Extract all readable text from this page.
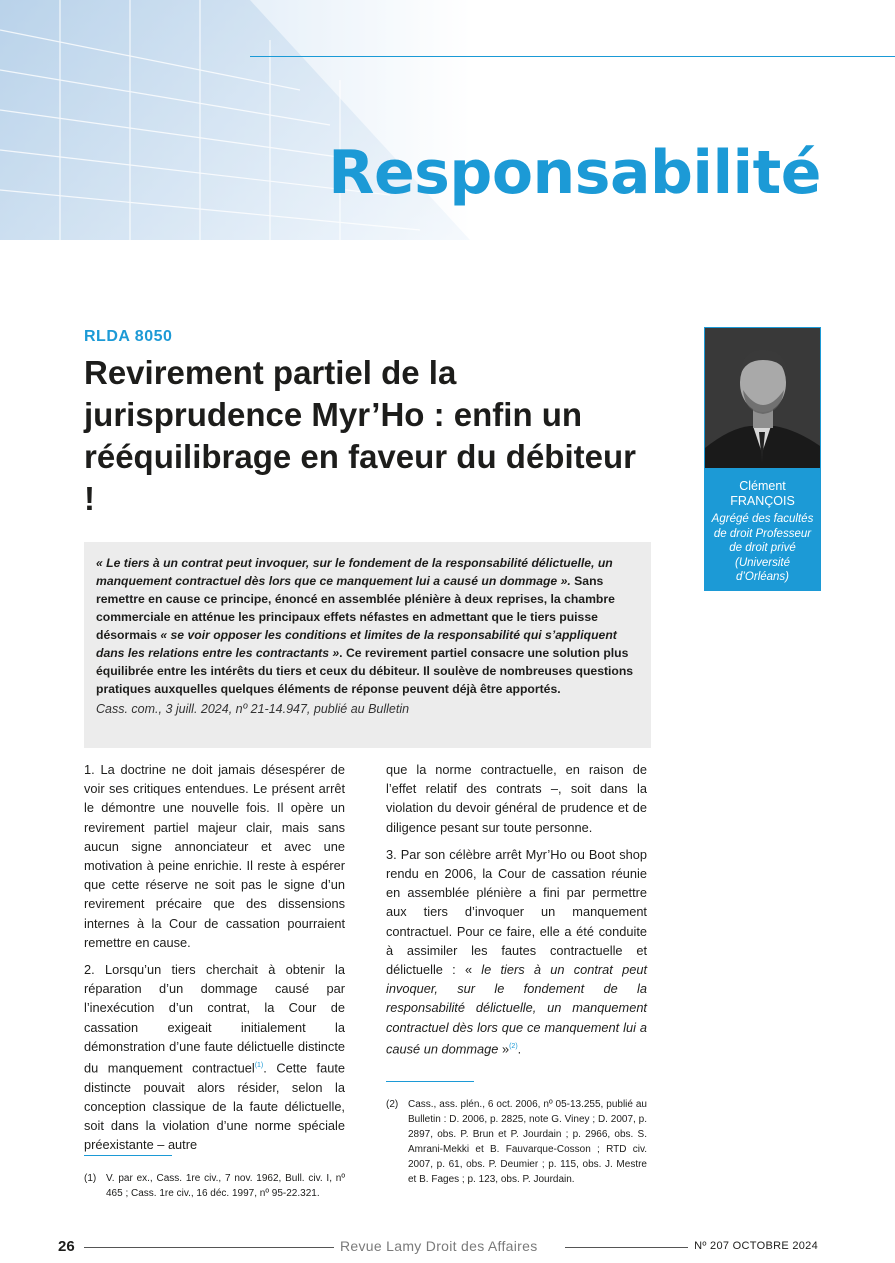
Responsabilité
RLDA 8050
Revirement partiel de la jurisprudence Myr’Ho : enfin un rééquilibrage en faveur du débiteur !	Clément
FRANÇOIS
Agrégé des facultés de droit Professeur de droit privé (Université d’Orléans)

« Le tiers à un contrat peut invoquer, sur le fondement de la responsabilité délictuelle, un manquement contractuel dès lors que ce manquement lui a causé un dommage ». Sans remettre en cause ce principe, énoncé en assemblée plénière à deux reprises, la chambre commerciale en atténue les principaux effets néfastes en admettant que le tiers puisse désormais « se voir opposer les conditions et limites de la responsabilité qui s’appliquent dans les relations entre les contractants ». Ce revirement partiel consacre une solution plus équilibrée entre les intérêts du tiers et ceux du débiteur. Il soulève de nombreuses questions pratiques auxquelles quelques éléments de réponse peuvent déjà être apportés.

Cass. com., 3 juill. 2024, nº 21-14.947, publié au Bulletin

1. La doctrine ne doit jamais désespérer de voir ses critiques entendues. Le présent arrêt le démontre une nouvelle fois. Il opère un revirement partiel majeur clair, mais sans aucun signe annonciateur et avec une motivation à peine enrichie. Il reste à espérer que cette réserve ne soit pas le signe d’un revirement précaire que des dissensions internes à la Cour de cassation pourraient remettre en cause.

2. Lorsqu’un tiers cherchait à obtenir la réparation d’un dommage causé par l’inexécution d’un contrat, la Cour de cassation exigeait initialement la démonstration d’une faute délictuelle distincte du manquement contractuel$^{(1)}$. Cette faute distincte pouvait alors résider, selon la conception classique de la faute délictuelle, soit dans la violation d’une norme spéciale préexistante – autre

que la norme contractuelle, en raison de l’effet relatif des contrats –, soit dans la violation du devoir général de prudence et de diligence pesant sur toute personne.

3. Par son célèbre arrêt Myr’Ho ou Boot shop rendu en 2006, la Cour de cassation réunie en assemblée plénière a fini par permettre aux tiers d’invoquer un manquement contractuel. Pour ce faire, elle a été conduite à assimiler les fautes contractuelle et délictuelle : « le tiers à un contrat peut invoquer, sur le fondement de la responsabilité délictuelle, un manquement contractuel dès lors que ce manquement lui a causé un dommage »$^{(2)}$.

(1) V. par ex., Cass. 1re civ., 7 nov. 1962, Bull. civ. I, nº 465 ; Cass. 1re civ., 16 déc. 1997, nº 95-22.321.
(2) Cass., ass. plén., 6 oct. 2006, nº 05-13.255, publié au Bulletin : D. 2006, p. 2825, note G. Viney ; D. 2007, p. 2897, obs. P. Brun et P. Jourdain ; p. 2966, obs. S. Amrani-Mekki et B. Fauvarque-Cosson ; RTD civ. 2007, p. 61, obs. P. Deumier ; p. 115, obs. J. Mestre et B. Fages ; p. 123, obs. P. Jourdain.
26	Revue Lamy Droit des Affaires	Nº 207 OCTOBRE 2024
